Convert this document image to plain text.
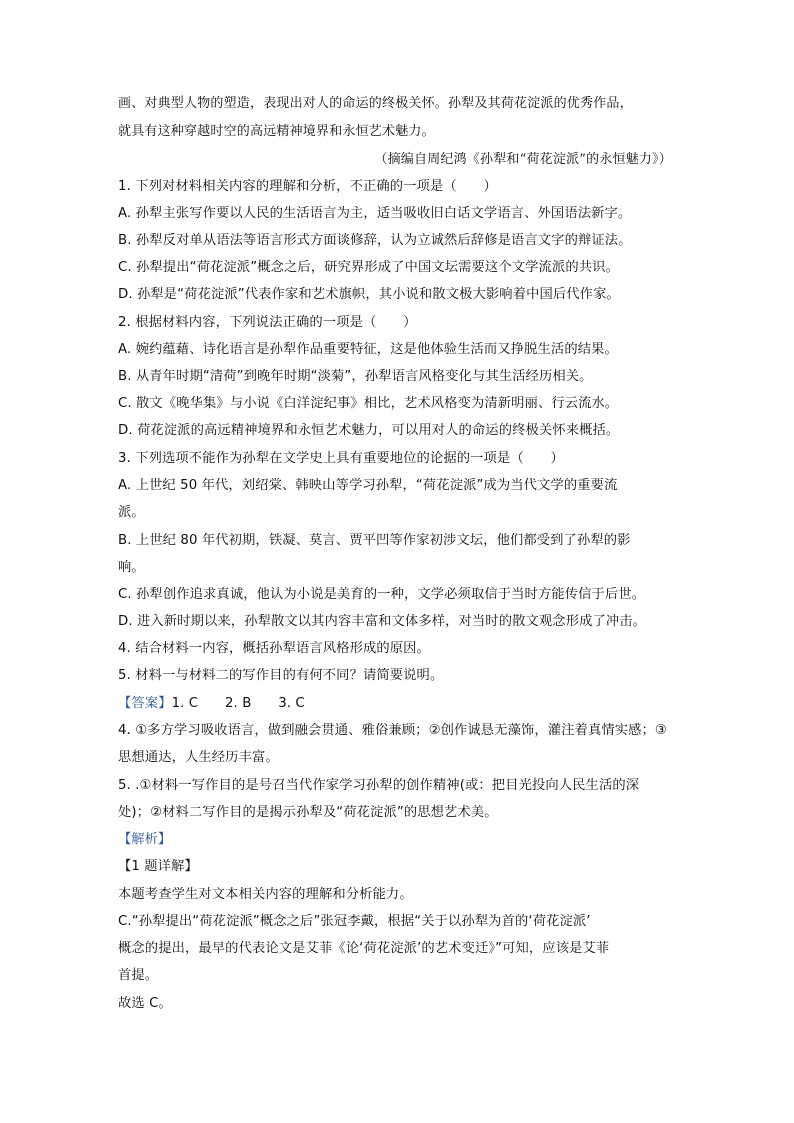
画、对典型人物的塑造，表现出对人的命运的终极关怀。孙犁及其荷花淀派的优秀作品，
就具有这种穿越时空的高远精神境界和永恒艺术魅力。
（摘编自周纪鸿《孙犁和“荷花淀派”的永恒魅力》）
1. 下列对材料相关内容的理解和分析，不正确的一项是（　　）
A. 孙犁主张写作要以人民的生活语言为主，适当吸收旧白话文学语言、外国语法新字。
B. 孙犁反对单从语法等语言形式方面谈修辞，认为立诚然后辞修是语言文字的辩证法。
C. 孙犁提出“荷花淀派”概念之后，研究界形成了中国文坛需要这个文学流派的共识。
D. 孙犁是“荷花淀派”代表作家和艺术旗帜，其小说和散文极大影响着中国后代作家。
2. 根据材料内容，下列说法正确的一项是（　　）
A. 婉约蕴藉、诗化语言是孙犁作品重要特征，这是他体验生活而又挣脱生活的结果。
B. 从青年时期“清荷”到晚年时期“淡菊”，孙犁语言风格变化与其生活经历相关。
C. 散文《晚华集》与小说《白洋淀纪事》相比，艺术风格变为清新明丽、行云流水。
D. 荷花淀派的高远精神境界和永恒艺术魅力，可以用对人的命运的终极关怀来概括。
3. 下列选项不能作为孙犁在文学史上具有重要地位的论据的一项是（　　）
A. 上世纪 50 年代，刘绍棠、韩映山等学习孙犁，“荷花淀派”成为当代文学的重要流
派。
B. 上世纪 80 年代初期，铁凝、莫言、贾平凹等作家初涉文坛，他们都受到了孙犁的影
响。
C. 孙犁创作追求真诚，他认为小说是美育的一种，文学必须取信于当时方能传信于后世。
D. 进入新时期以来，孙犁散文以其内容丰富和文体多样，对当时的散文观念形成了冲击。
4. 结合材料一内容，概括孙犁语言风格形成的原因。
5. 材料一与材料二的写作目的有何不同？请简要说明。
【答案】1. C　　2. B　　3. C
4. ①多方学习吸收语言，做到融会贯通、雅俗兼顾；②创作诚恳无藻饰，灌注着真情实感；③
思想通达，人生经历丰富。
5. .①材料一写作目的是号召当代作家学习孙犁的创作精神(或：把目光投向人民生活的深
处)；②材料二写作目的是揭示孙犁及“荷花淀派”的思想艺术美。
【解析】
【1 题详解】
本题考查学生对文本相关内容的理解和分析能力。
C.“孙犁提出“荷花淀派”概念之后”张冠李戴，根据“关于以孙犁为首的‘荷花淀派’
概念的提出，最早的代表论文是艾菲《论‘荷花淀派’的艺术变迁》”可知，应该是艾菲
首提。
故选 C。
